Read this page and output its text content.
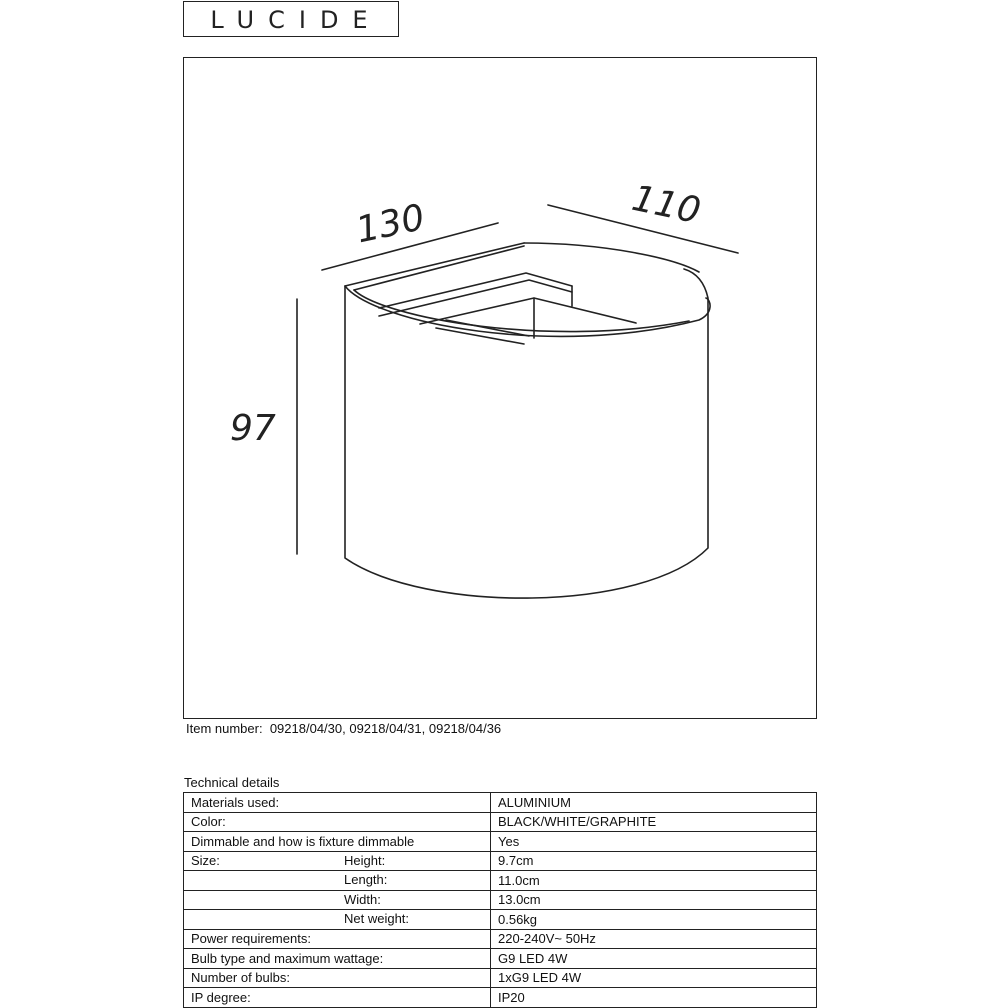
LUCIDE
130	110
97
Item number: 09218/04/30, 09218/04/31, 09218/04/36
Technical details
Materials used:	ALUMINIUM
Color:	BLACK/WHITE/GRAPHITE
Dimmable and how is fixture dimmable	Yes
Size: Height:	9.7cm

Length:	11.0cm

Width:	13.0cm

Net weight:	0.56kg
Power requirements:	220-240V~ 50Hz
Bulb type and maximum wattage:	G9 LED 4W
Number of bulbs:	1xG9 LED 4W
IP degree:	IP20
